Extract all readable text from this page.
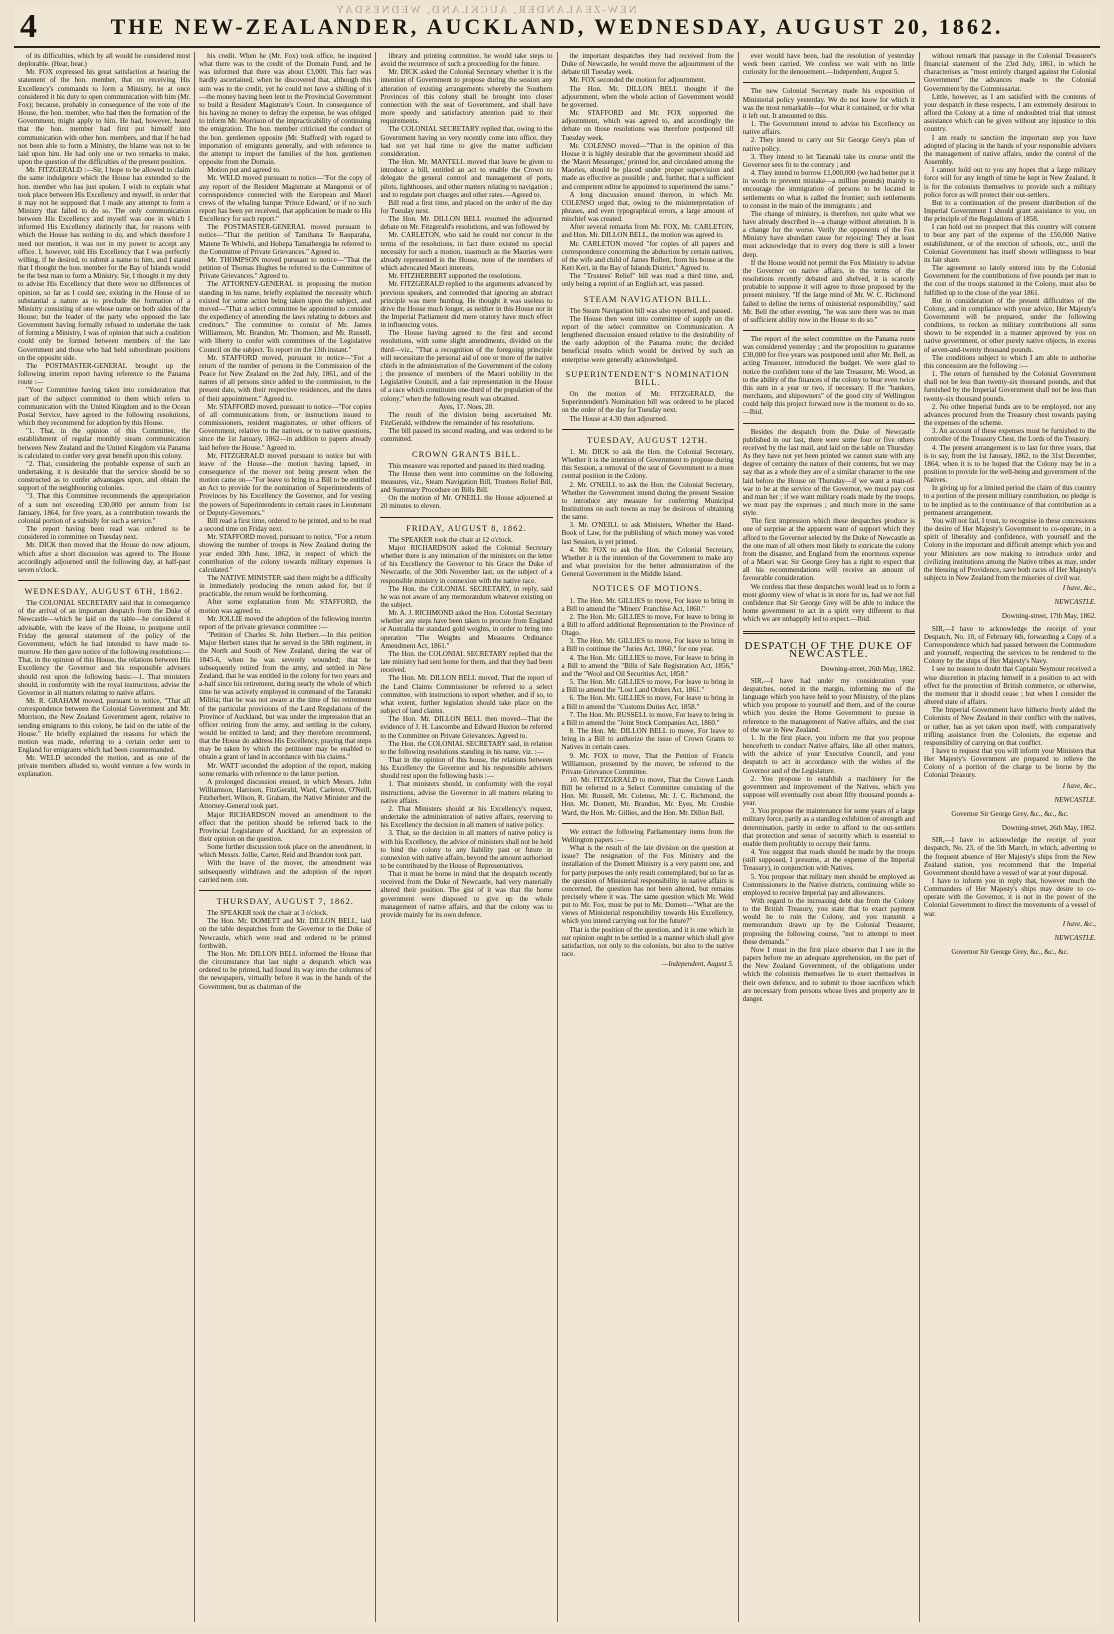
4	NEW-ZEALANDER, AUCKLAND, WEDNESDAY
THE NEW-ZEALANDER, AUCKLAND, WEDNESDAY, AUGUST 20, 1862.

of its difficulties, which by all would be considered most deplorable. (Hear, hear.)

Mr. FOX expressed his great satisfaction at hearing the statement of the hon. member, that on receiving His Excellency's commands to form a Ministry, he at once considered it his duty to open communication with him (Mr. Fox); because, probably in consequence of the vote of the House, the hon. member, who had then the formation of the Government, might apply to him. He had, however, heard that the hon. member had first put himself into communication with other hon. members, and that if he had not been able to form a Ministry, the blame was not to be laid upon him. He had only one or two remarks to make, upon the question of the difficulties of the present position.

Mr. FITZGERALD :—Sir, I hope to be allowed to claim the same indulgence which the House has extended to the hon. member who has just spoken. I wish to explain what took place between His Excellency and myself, in order that it may not be supposed that I made any attempt to form a Ministry that failed to do so. The only communication between His Excellency and myself was one in which I informed His Excellency distinctly that, for reasons with which the House has nothing to do, and which therefore I need not mention, it was not in my power to accept any office. I, however, told His Excellency that I was perfectly willing, if he desired, to submit a name to him, and I stated that I thought the hon. member for the Bay of Islands would be the best man to form a Ministry. Sir, I thought it my duty to advise His Excellency that there were no differences of opinion, so far as I could see, existing in the House of so substantial a nature as to preclude the formation of a Ministry consisting of one whose name on both sides of the House; but the leader of the party who opposed the late Government having formally refused to undertake the task of forming a Ministry, I was of opinion that such a coalition could only be formed between members of the late Government and those who had held subordinate positions on the opposite side.

The POSTMASTER-GENERAL brought up the following interim report having reference to the Panama route :—

"Your Committee having taken into consideration that part of the subject committed to them which refers to communication with the United Kingdom and to the Ocean Postal Service, have agreed to the following resolutions, which they recommend for adoption by this House.

"1. That, in the opinion of this Committee, the establishment of regular monthly steam communication between New Zealand and the United Kingdom via Panama is calculated to confer very great benefit upon this colony.

"2. That, considering the probable expense of such an undertaking, it is desirable that the service should be so constructed as to confer advantages upon, and obtain the support of the neighbouring colonies.

"3. That this Committee recommends the appropriation of a sum not exceeding £30,000 per annum from 1st January, 1864, for five years, as a contribution towards the colonial portion of a subsidy for such a service."

The report having been read was ordered to be considered in committee on Tuesday next.

Mr. DICK then moved that the House do now adjourn, which after a short discussion was agreed to. The House accordingly adjourned until the following day, at half-past seven o'clock.

WEDNESDAY, AUGUST 6TH, 1862.

The COLONIAL SECRETARY said that in consequence of the arrival of an important despatch from the Duke of Newcastle—which he laid on the table—he considered it advisable, with the leave of the House, to postpone until Friday the general statement of the policy of the Government, which he had intended to have made to-morrow. He then gave notice of the following resolutions:—That, in the opinion of this House, the relations between His Excellency the Governor and his responsible advisers should rest upon the following basis:—1. That ministers should, in conformity with the royal instructions, advise the Governor in all matters relating to native affairs.

Mr. R. GRAHAM moved, pursuant to notice, "That all correspondence between the Colonial Government and Mr. Morrison, the New Zealand Government agent, relative to sending emigrants to this colony, be laid on the table of the House." He briefly explained the reasons for which the motion was made, referring to a certain order sent to England for emigrants which had been countermanded.

Mr. WELD seconded the motion, and as one of the private members alluded to, would venture a few words in explanation.

his credit. When he (Mr. Fox) took office, he inquired what there was to the credit of the Domain Fund, and he was informed that there was about £3,000. This fact was hardly ascertained, when he discovered that, although this sum was to the credit, yet he could not have a shilling of it—the money having been lent to the Provincial Government to build a Resident Magistrate's Court. In consequence of his having no money to defray the expense, he was obliged to inform Mr. Morrison of the impracticability of continuing the emigration. The hon. member criticised the conduct of the hon. gentlemen opposite (Mr. Stafford) with regard to importation of emigrants generally, and with reference to the attempt to import the families of the hon. gentlemen opposite from the Domain.

Motion put and agreed to.

Mr. WELD moved pursuant to notice—"For the copy of any report of the Resident Magistrate at Mangonui or of correspondence connected with the European and Maori crews of the whaling barque 'Prince Edward,' or if no such report has been yet received, that application be made to His Excellency for such report."

The POSTMASTER-GENERAL moved pursuant to notice—"That the petition of Tamihana Te Rauparaha, Matene Te Whiwhi, and Hohepa Tamaihengia be referred to the Committee of Private Grievances." Agreed to.

Mr. THOMPSON moved pursuant to notice—"That the petition of Thomas Hughes be referred to the Committee of Private Grievances." Agreed to.

The ATTORNEY-GENERAL in proposing the motion standing in his name, briefly explained the necessity which existed for some action being taken upon the subject, and moved—"That a select committee be appointed to consider the expediency of amending the laws relating to debtors and creditors." The committee to consist of Mr. James Williamson, Mr. Brandon, Mr. Thomson, and Mr. Russell, with liberty to confer with committees of the Legislative Council on the subject. To report on the 13th instant."

Mr. STAFFORD moved, pursuant to notice—"For a return of the number of persons in the Commission of the Peace for New Zealand on the 2nd July, 1861, and of the names of all persons since added to the commission, to the present date, with their respective residences, and the dates of their appointment." Agreed to.

Mr. STAFFORD moved, pursuant to notice—"For copies of all communications from, or instructions issued to commissioners, resident magistrates, or other officers of Government, relative to the natives, or to native questions, since the 1st January, 1862—in addition to papers already laid before the House." Agreed to.

Mr. FITZGERALD moved pursuant to notice but with leave of the House—the motion having lapsed, in consequence of the mover not being present when the motion came on—"For leave to bring in a Bill to be entitled an Act to provide for the nomination of Superintendents of Provinces by his Excellency the Governor, and for vesting the powers of Superintendents in certain cases in Lieutenant or Deputy-Governors."

Bill read a first time, ordered to be printed, and to be read a second time on Friday next.

Mr. STAFFORD moved, pursuant to notice, "For a return showing the number of troops in New Zealand during the year ended 30th June, 1862, in respect of which the contribution of the colony towards military expenses is calculated."

The NATIVE MINISTER said there might be a difficulty in immediately producing the return asked for, but if practicable, the return would be forthcoming.

After some explanation from Mr. STAFFORD, the motion was agreed to.

Mr. JOLLIE moved the adoption of the following interim report of the private grievance committee :—

"Petition of Charles St. John Herbert.—In this petition Major Herbert states that he served in the 58th regiment, in the North and South of New Zealand, during the war of 1845-6, when he was severely wounded; that he subsequently retired from the army, and settled in New Zealand, that he was entitled in the colony for two years and a-half since his retirement, during nearly the whole of which time he was actively employed in command of the Taranaki Militia; that he was not aware at the time of his retirement of the particular provisions of the Land Regulations of the Province of Auckland, but was under the impression that an officer retiring from the army, and settling in the colony, would be entitled to land; and they therefore recommend, that the House do address His Excellency, praying that steps may be taken by which the petitioner may be enabled to obtain a grant of land in accordance with his claims."

Mr. WATT seconded the adoption of the report, making some remarks with reference to the latter portion.

A prolonged discussion ensued, in which Messrs. John Williamson, Harrison, FitzGerald, Ward, Carleton, O'Neill, Fitzherbert, Wilson, R. Graham, the Native Minister and the Attorney-General took part.

Major RICHARDSON moved an amendment to the effect that the petition should be referred back to the Provincial Legislature of Auckland, for an expression of their opinion on the question.

Some further discussion took place on the amendment, in which Messrs. Jollie, Carter, Reid and Brandon took part.

With the leave of the mover, the amendment was subsequently withdrawn and the adoption of the report carried nem. con.

THURSDAY, AUGUST 7, 1862.

The SPEAKER took the chair at 3 o'clock.

The Hon. Mr. DOMETT and Mr. DILLON BELL, laid on the table despatches from the Governor to the Duke of Newcastle, which were read and ordered to be printed forthwith.

The Hon. Mr. DILLON BELL informed the House that the circumstance that last night a despatch which was ordered to be printed, had found its way into the columns of the newspapers, virtually before it was in the hands of the Government, but as chairman of the

library and printing committee, he would take steps to avoid the recurrence of such a proceeding for the future.

Mr. DICK asked the Colonial Secretary whether it is the intention of Government to propose during the session any alteration of existing arrangements whereby the Southern Provinces of this colony shall be brought into closer connection with the seat of Government, and shall have more speedy and satisfactory attention paid to their requirements.

The COLONIAL SECRETARY replied that, owing to the Government having so very recently come into office, they had not yet had time to give the matter sufficient consideration.

The Hon. Mr. MANTELL moved that leave be given to introduce a bill, entitled an act to enable the Crown to delegate the general control and management of ports, pilots, lighthouses, and other matters relating to navigation ; and to regulate port charges and other rates.—Agreed to.

Bill read a first time, and placed on the order of the day for Tuesday next.

The Hon. Mr. DILLON BELL resumed the adjourned debate on Mr. Fitzgerald's resolutions, and was followed by

Mr. CARLETON, who said he could not concur in the terms of the resolutions, in fact there existed no special necessity for such a motion, inasmuch as the Maories were already represented in the House, none of the members of which advocated Maori interests.

Mr. FITZHERBERT supported the resolutions.

Mr. FITZGERALD replied to the arguments advanced by previous speakers, and contended that ignoring an abstract principle was mere humbug. He thought it was useless to drive the House much longer, as neither in this House nor in the Imperial Parliament did mere oratory have much effect in influencing votes.

The House having agreed to the first and second resolutions, with some slight amendments, divided on the third—viz., "That a recognition of the foregoing principle will necessitate the personal aid of one or more of the native chiefs in the administration of the Government of the colony ; the presence of members of the Maori nobility in the Legislative Council, and a fair representation in the House of a race which constitutes one-third of the population of the colony," when the following result was obtained.

Ayes, 17. Noes, 20.

The result of the division being ascertained Mr. FitzGerald, withdrew the remainder of his resolutions.

The bill passed its second reading, and was ordered to be committed.

CROWN GRANTS BILL.

This measure was reported and passed its third reading.

The House then went into committee on the following measures, viz., Steam Navigation Bill, Trustees Relief Bill, and Summary Procedure on Bills Bill.

On the motion of Mr. O'NEILL the House adjourned at 20 minutes to eleven.

FRIDAY, AUGUST 8, 1862.

The SPEAKER took the chair at 12 o'clock.

Major RICHARDSON asked the Colonial Secretary whether there is any intimation of the ministers on the letter of his Excellency the Governor to his Grace the Duke of Newcastle, of the 30th November last, on the subject of a responsible ministry in connexion with the native race.

The Hon. the COLONIAL SECRETARY, in reply, said he was not aware of any memorandum whatever existing on the subject.

Mr. A. J. RICHMOND asked the Hon. Colonial Secretary whether any steps have been taken to procure from England or Australia the standard gold weights, in order to bring into operation "The Weights and Measures Ordinance Amendment Act, 1861."

The Hon. the COLONIAL SECRETARY replied that the late ministry had sent home for them, and that they had been received.

The Hon. Mr. DILLON BELL moved, That the report of the Land Claims Commissioner be referred to a select committee, with instructions to report whether, and if so, to what extent, further legislation should take place on the subject of land claims.

The Hon. Mr. DILLON BELL then moved—That the evidence of J. H. Lascombe and Edward Huxton be referred to the Committee on Private Grievances. Agreed to.

The Hon. the COLONIAL SECRETARY said, in relation to the following resolutions standing in his name, viz. :—

That in the opinion of this house, the relations between his Excellency the Governor and his responsible advisers should rest upon the following basis :—

1. That ministers should, in conformity with the royal instructions, advise the Governor in all matters relating to native affairs.

2. That Ministers should at his Excellency's request, undertake the administration of native affairs, reserving to his Excellency the decision in all matters of native policy.

3. That, so the decision in all matters of native policy is with his Excellency, the advice of ministers shall not be held to bind the colony to any liability past or future in connexion with native affairs, beyond the amount authorised to be contributed by the House of Representatives.

That it must be borne in mind that the despatch recently received from the Duke of Newcastle, had very materially altered their position. The gist of it was that the home government were disposed to give up the whole management of native affairs, and that the colony was to provide mainly for its own defence.

the important despatches they had received from the Duke of Newcastle, he would move the adjournment of the debate till Tuesday week.

Mr. FOX seconded the motion for adjournment.

The Hon. Mr. DILLON BELL thought if the adjournment, when the whole action of Government would be governed.

Mr. STAFFORD and Mr. FOX supported the adjournment, which was agreed to, and accordingly the debate on those resolutions was therefore postponed till Tuesday week.

Mr. COLENSO moved—"That in the opinion of this House it is highly desirable that the government should aid the 'Maori Messenger,' printed for, and circulated among the Maories, should be placed under proper supervision and made as effective as possible ; and, further, that a sufficient and competent editor be appointed to superintend the same."

A long discussion ensued thereon, in which Mr. COLENSO urged that, owing to the misinterpretation of phrases, and even typographical errors, a large amount of mischief was created.

After several remarks from Mr. FOX, Mr. CARLETON, and Hon. Mr. DILLON BELL, the motion was agreed to.

Mr. CARLETON moved "for copies of all papers and correspondence concerning the abduction by certain natives, of the wife and child of James Rollett, from his house at the Keri Keri, in the Bay of Islands District." Agreed to.

The "Trustees' Relief" bill was read a third time, and, only being a reprint of an English act, was passed.

STEAM NAVIGATION BILL.

The Steam Navigation bill was also reported, and passed.

The House then went into committee of supply on the report of the select committee on Communication. A lengthened discussion ensued relative to the desirability of the early adoption of the Panama route; the decided beneficial results which would be derived by such an enterprise were generally acknowledged.

SUPERINTENDENT'S NOMINATION BILL.

On the motion of Mr. FITZGERALD, the Superintendent's Nomination bill was ordered to be placed on the order of the day for Tuesday next.

The House at 4.30 then adjourned.

TUESDAY, AUGUST 12TH.

1. Mr. DICK to ask the Hon. the Colonial Secretary, Whether it is the intention of Government to propose during this Session, a removal of the seat of Government to a more central position in the Colony.

2. Mr. O'NEILL to ask the Hon. the Colonial Secretary, Whether the Government intend during the present Session to introduce any measure for conferring Municipal Institutions on such towns as may be desirous of obtaining the same.

3. Mr. O'NEILL to ask Ministers, Whether the Hand-Book of Law, for the publishing of which money was voted last Session, is yet printed.

4. Mr. FOX to ask the Hon. the Colonial Secretary, Whether it is the intention of the Government to make any and what provision for the better administration of the General Government in the Middle Island.

NOTICES OF MOTIONS.

1. The Hon. Mr. GILLIES to move, For leave to bring in a Bill to amend the "Miners' Franchise Act, 1860."

2. The Hon. Mr. GILLIES to move, For leave to bring in a Bill to afford additional Representation to the Province of Otago.

3. The Hon. Mr. GILLIES to move, For leave to bring in a Bill to continue the "Juries Act, 1860," for one year.

4. The Hon. Mr. GILLIES to move, For leave to bring in a Bill to amend the "Bills of Sale Registration Act, 1856," and the "Wool and Oil Securities Act, 1858."

5. The Hon. Mr. GILLIES to move, For leave to bring in a Bill to amend the "Lost Land Orders Act, 1861."

6. The Hon. Mr. GILLIES to move, For leave to bring in a Bill to amend the "Customs Duties Act, 1858."

7. The Hon. Mr. RUSSELL to move, For leave to bring in a Bill to amend the "Joint Stock Companies Act, 1860."

8. The Hon. Mr. DILLON BELL to move, For leave to bring in a Bill to authorize the issue of Crown Grants to Natives in certain cases.

9. Mr. FOX to move, That the Petition of Francis Williamson, presented by the mover, be referred to the Private Grievance Committee.

10. Mr. FITZGERALD to move, That the Crown Lands Bill be referred to a Select Committee consisting of the Hon. Mr. Russell, Mr. Colenso, Mr. J. C. Richmond, the Hon. Mr. Domett, Mr. Brandon, Mr. Eyes, Mr. Crosbie Ward, the Hon. Mr. Gillies, and the Hon. Mr. Dillon Bell.

We extract the following Parliamentary items from the Wellington papers :—

What is the result of the late division on the question at issue? The resignation of the Fox Ministry and the installation of the Domett Ministry is a very patent one, and for party purposes the only result contemplated; but so far as the question of Ministerial responsibility in native affairs is concerned, the question has not been altered, but remains precisely where it was. The same question which Mr. Weld put to Mr. Fox, must be put to Mr. Domett—"What are the views of Ministerial responsibility towards His Excellency, which you intend carrying out for the future?"

That is the position of the question, and it is one which in our opinion ought to be settled in a manner which shall give satisfaction, not only to the colonists, but also to the native race.

—Independent, August 5.

ever would have been, had the resolution of yesterday week been carried. We confess we wait with no little curiosity for the denouement.—Independent, August 5.

The new Colonial Secretary made his exposition of Ministerial policy yesterday. We do not know for which it was the most remarkable—for what it contained, or for what it left out. It amounted to this.

1. The Government intend to advise his Excellency on native affairs.

2. They intend to carry out Sir George Grey's plan of native policy.

3. They intend to let Taranaki take its course until the Governor sees fit to the contrary ; and

4. They intend to borrow £1,000,000 (we had better put it in words to prevent mistake—a million pounds) mainly to encourage the immigration of persons to be located in settlements on what is called the frontier; such settlements to consist in the main of the immigrants ; and

The change of ministry, is therefore, not quite what we have already described it—a change without alteration. It is a change for the worse. Verily the opponents of the Fox Ministry have abundant cause for rejoicing! They at least must acknowledge that to every dog there is still a lower deep.

If the House would not permit the Fox Ministry to advise the Governor on native affairs, in the terms of the resolutions recently debated and shelved, it is scarcely probable to suppose it will agree to those proposed by the present ministry. "If the large mind of Mr. W. C. Richmond failed to define the terms of ministerial responsibility," said Mr. Bell the other evening, "he was sure there was no man of sufficient ability now in the House to do so."

The report of the select committee on the Panama route was considered yesterday ; and the proposition to guarantee £30,000 for five years was postponed until after Mr. Bell, as acting Treasurer, introduced the budget. We were glad to notice the confident tone of the late Treasurer, Mr. Wood, as to the ability of the finances of the colony to bear even twice this sum in a year or two, if necessary. If the "bankers, merchants, and shipowners" of the good city of Wellington could help this project forward now is the moment to do so.—Ibid.

Besides the despatch from the Duke of Newcastle published in our last, there were some four or five others received by the last mail, and laid on the table on Thursday. As they have not yet been printed we cannot state with any degree of certainty the nature of their contents, but we may say that as a whole they are of a similar character to the one laid before the House on Thursday—if we want a man-of-war to be at the service of the Governor, we must pay cost and man her ; if we want military roads made by the troops, we must pay the expenses ; and much more in the same style.

The first impression which these despatches produce is one of surprise at the apparent want of support which they afford to the Governor selected by the Duke of Newcastle as the one man of all others most likely to extricate the colony from the disaster, and England from the enormous expense of a Maori war. Sir George Grey has a right to expect that all his recommendations will receive an amount of favourable consideration.

We confess that these despatches would lead us to form a most gloomy view of what is in store for us, had we not full confidence that Sir George Grey will be able to induce the home government to act in a spirit very different to that which we are unhappily led to expect.—Ibid.

DESPATCH OF THE DUKE OF NEWCASTLE.

Downing-street, 26th May, 1862.

SIR,—I have had under my consideration your despatches, noted in the margin, informing me of the language which you have held to your Ministry, of the plans which you propose to yourself and them, and of the course which you desire the Home Government to pursue in reference to the management of Native affairs, and the cost of the war in New Zealand.

1. In the first place, you inform me that you propose henceforth to conduct Native affairs, like all other matters, with the advice of your Executive Council, and your despatch to act in accordance with the wishes of the Governor and of the Legislature.

2. You propose to establish a machinery for the government and improvement of the Natives, which you suppose will eventually cost about fifty thousand pounds a-year.

3. You propose the maintenance for some years of a large military force, partly as a standing exhibition of strength and determination, partly in order to afford to the out-settlers that protection and sense of security which is essential to enable them profitably to occupy their farms.

4. You suggest that roads should be made by the troops (still supposed, I presume, at the expense of the Imperial Treasury), in conjunction with Natives.

5. You propose that military men should be employed as Commissioners in the Native districts, continuing while so employed to receive Imperial pay and allowances.

With regard to the increasing debt due from the Colony to the British Treasury, you state that to exact payment would be to ruin the Colony, and you transmit a memorandum drawn up by the Colonial Treasurer, proposing the following course, "not to attempt to meet these demands."

Now I must in the first place observe that I see in the papers before me an adequate apprehension, on the part of the New Zealand Government, of the obligations under which the colonists themselves lie to exert themselves in their own defence, and to submit to those sacrifices which are necessary from persons whose lives and property are in danger.

without remark that passage in the Colonial Treasurer's financial statement of the 23rd July, 1861, in which he characterises as "most entirely charged against the Colonial Government" the advances made to the Colonial Government by the Commissariat.

Little, however, as I am satisfied with the contents of your despatch in these respects, I am extremely desirous to afford the Colony at a time of undoubted trial that utmost assistance which can be given without any injustice to this country.

I am ready to sanction the important step you have adopted of placing in the hands of your responsible advisers the management of native affairs, under the control of the Assembly.

I cannot hold out to you any hopes that a large military force will for any length of time be kept in New Zealand. It is for the colonists themselves to provide such a military police force as will protect their out-settlers.

But to a continuation of the present distribution of the Imperial Government I should grant assistance to you, on the principle of the Regulations of 1858.

I can hold out no prospect that this country will consent to bear any part of the expense of the £50,000 Native establishment, or of the erection of schools, etc., until the Colonial Government has itself shown willingness to bear its fair share.

The agreement so lately entered into by the Colonial Government for the contributions of five pounds per man to the cost of the troops stationed in the Colony, must also be fulfilled up to the close of the year 1861.

But in consideration of the present difficulties of the Colony, and in compliance with your advice, Her Majesty's Government will be prepared, under the following conditions, to reckon as military contributions all sums shown to be expended in a manner approved by you on native government, or other purely native objects, in excess of seven-and-twenty thousand pounds.

The conditions subject to which I am able to authorise this concession are the following :—

1. The return of furnished by the Colonial Government shall not be less than twenty-six thousand pounds, and that furnished by the Imperial Government shall not be less than twenty-six thousand pounds.

2. No other Imperial funds are to be employed, nor any advances procured from the Treasury chest towards paying the expenses of the scheme.

3. An account of these expenses must be furnished to the controller of the Treasury Chest, the Lords of the Treasury.

4. The present arrangement is to last for three years, that is to say, from the 1st January, 1862, to the 31st December, 1864, when it is to be hoped that the Colony may be in a position to provide for the well-being and government of the Natives.

In giving up for a limited period the claim of this country to a portion of the present military contribution, no pledge is to be implied as to the continuance of that contribution as a permanent arrangement.

You will not fail, I trust, to recognise in these concessions the desire of Her Majesty's Government to co-operate, in a spirit of liberality and confidence, with yourself and the Colony in the important and difficult attempt which you and your Ministers are now making to introduce order and civilizing institutions among the Native tribes as may, under the blessing of Providence, save both races of Her Majesty's subjects in New Zealand from the miseries of civil war.

I have, &c.,

NEWCASTLE.

Downing-street, 17th May, 1862.

SIR,—I have to acknowledge the receipt of your Despatch, No. 10, of February 6th, forwarding a Copy of a Correspondence which had passed between the Commodore and yourself, respecting the services to be rendered to the Colony by the ships of Her Majesty's Navy.

I see no reason to doubt that Captain Seymour received a wise discretion in placing himself in a position to act with effect for the protection of British commerce, or otherwise, the moment that it should cease ; but when I consider the altered state of affairs.

The Imperial Government have hitherto freely aided the Colonists of New Zealand in their conflict with the natives, or rather, has as yet taken upon itself, with comparatively trifling assistance from the Colonists, the expense and responsibility of carrying on that conflict.

I have to request that you will inform your Ministers that Her Majesty's Government are prepared to relieve the Colony of a portion of the charge to be borne by the Colonial Treasury.

I have, &c.,

NEWCASTLE.

Governor Sir George Grey, &c., &c., &c.

Downing-street, 26th May, 1862.

SIR,—I have to acknowledge the receipt of your despatch, No. 23, of the 5th March, in which, adverting to the frequent absence of Her Majesty's ships from the New Zealand station, you recommend that the Imperial Government should have a vessel of war at your disposal.

I have to inform you in reply that, however much the Commanders of Her Majesty's ships may desire to co-operate with the Governor, it is not in the power of the Colonial Government to direct the movements of a vessel of war.

I have, &c.,

NEWCASTLE.

Governor Sir George Grey, &c., &c., &c.
